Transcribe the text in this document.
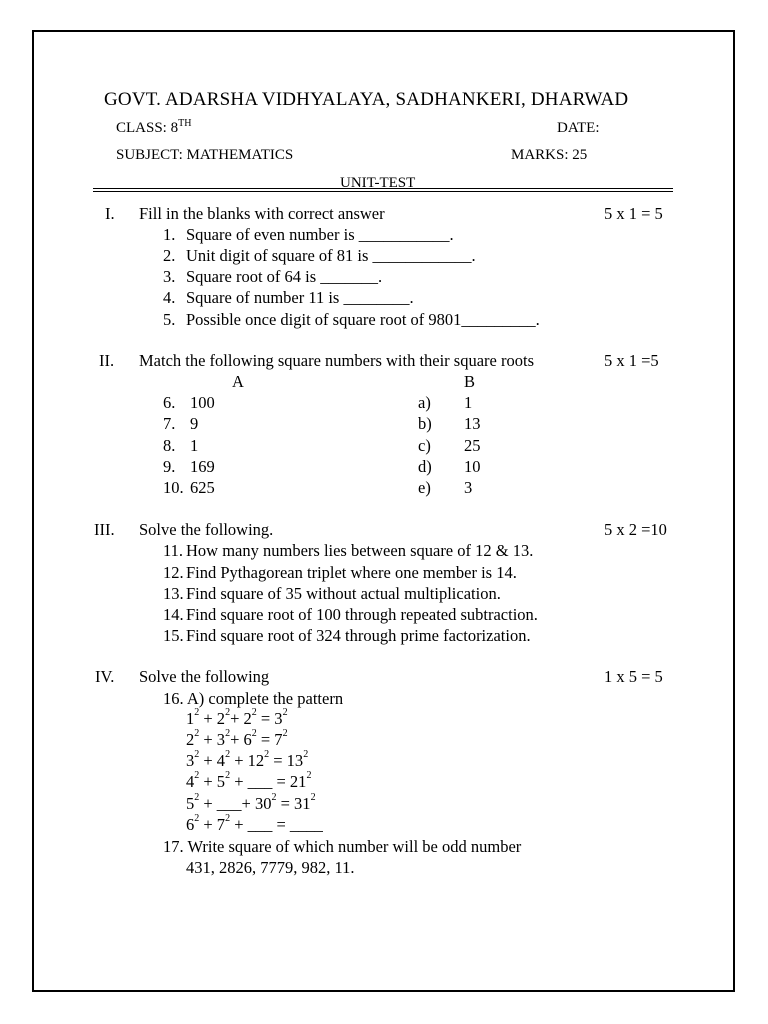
GOVT. ADARSHA VIDHYALAYA, SADHANKERI, DHARWAD
CLASS: 8TH	DATE:
SUBJECT: MATHEMATICS	MARKS: 25
UNIT-TEST
I. Fill in the blanks with correct answer	5 x 1 = 5
1. Square of even number is ___________.
2. Unit digit of square of 81 is ____________.
3. Square root of 64 is _______.
4. Square of number 11 is ________.
5. Possible once digit of square root of 9801_________.
II. Match the following square numbers with their square roots	5 x 1 =5
A	B
6. 100	a) 1
7. 9	b) 13
8. 1	c) 25
9. 169	d) 10
10. 625	e) 3
III. Solve the following.	5 x 2 =10
11. How many numbers lies between square of 12 & 13.
12. Find Pythagorean triplet where one member is 14.
13. Find square of 35 without actual multiplication.
14. Find square root of 100 through repeated subtraction.
15. Find square root of 324 through prime factorization.
IV. Solve the following	1 x 5 = 5
16. A) complete the pattern
$1^2 + 2^2+ 2^2 = 3^2$
$2^2 + 3^2+ 6^2 = 7^2$
$3^2 + 4^2 + 12^2 = 13^2$
$4^2 + 5^2$ + ___ = $21^2$
$5^2$ + ___+ $30^2 = 31^2$
$6^2 + 7^2$ + ___ = ____
17. Write square of which number will be odd number
431, 2826, 7779, 982, 11.
